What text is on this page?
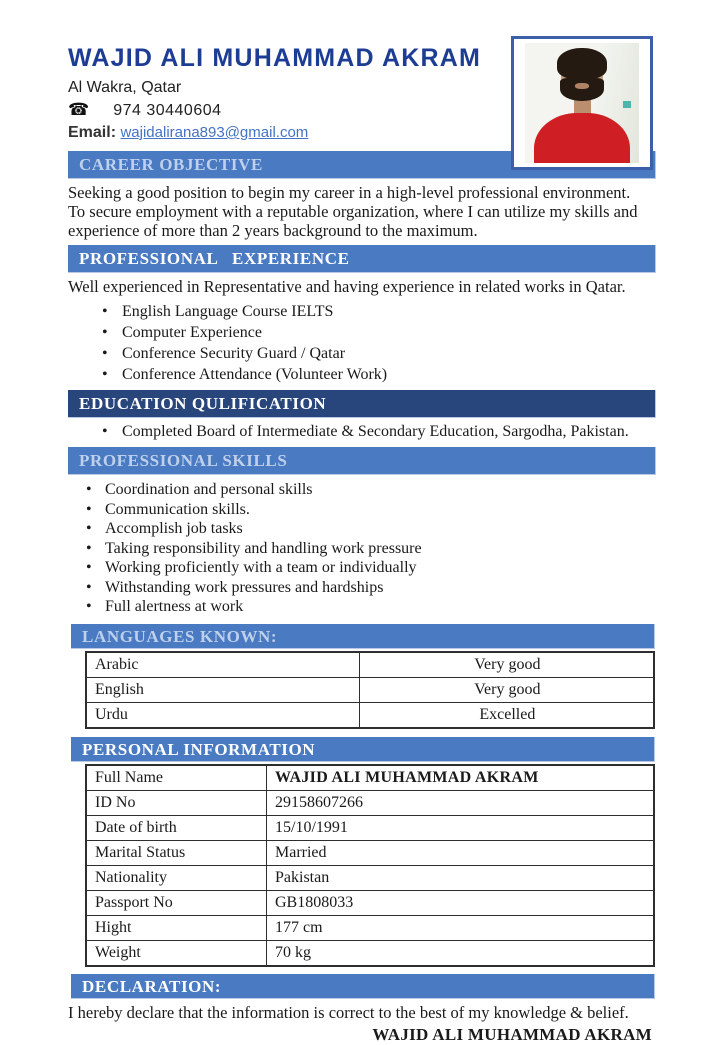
WAJID ALI MUHAMMAD AKRAM
Al Wakra, Qatar
☎ 974 30440604
Email: wajidalirana893@gmail.com
CAREER OBJECTIVE

Seeking a good position to begin my career in a high-level professional environment. To secure employment with a reputable organization, where I can utilize my skills and experience of more than 2 years background to the maximum.

PROFESSIONAL   EXPERIENCE

Well experienced in Representative and having experience in related works in Qatar.

• English Language Course IELTS
• Computer Experience
• Conference Security Guard / Qatar
• Conference Attendance (Volunteer Work)
EDUCATION QULIFICATION
• Completed Board of Intermediate & Secondary Education, Sargodha, Pakistan.
PROFESSIONAL SKILLS
• Coordination and personal skills
• Communication skills.
• Accomplish job tasks
• Taking responsibility and handling work pressure
• Working proficiently with a team or individually
• Withstanding work pressures and hardships
• Full alertness at work
LANGUAGES KNOWN:
Arabic	Very good
English	Very good
Urdu	Excelled
PERSONAL INFORMATION
Full Name	WAJID ALI MUHAMMAD AKRAM
ID No	29158607266
Date of birth	15/10/1991
Marital Status	Married
Nationality	Pakistan
Passport No	GB1808033
Hight	177 cm
Weight	70 kg
DECLARATION:

I hereby declare that the information is correct to the best of my knowledge & belief.

WAJID ALI MUHAMMAD AKRAM
